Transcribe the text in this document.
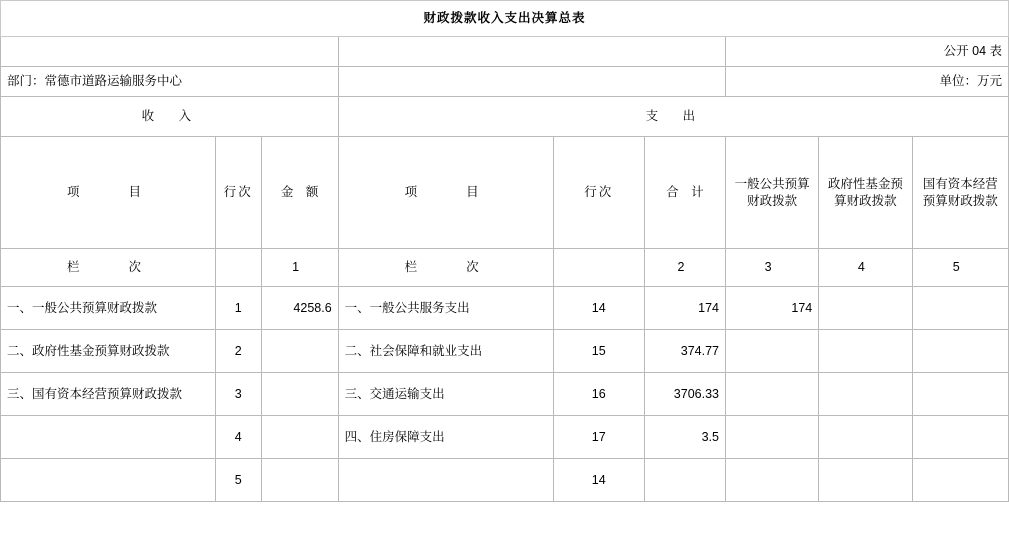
财政拨款收入支出决算总表								
						公开 04 表		
部门：常德市道路运输服务中心						单位：万元		
收　入			支　出					
项　　目	行次	金　额	项　　目	行次	合　计	一般公共预算财政拨款	政府性基金预算财政拨款	国有资本经营预算财政拨款
栏　　次		1	栏　　次		2	3	4	5
一、一般公共预算财政拨款	1	4258.6	一、一般公共服务支出	14	174	174		
二、政府性基金预算财政拨款	2		二、社会保障和就业支出	15	374.77			
三、国有资本经营预算财政拨款	3		三、交通运输支出	16	3706.33			
	4		四、住房保障支出	17	3.5			
	5			14				
